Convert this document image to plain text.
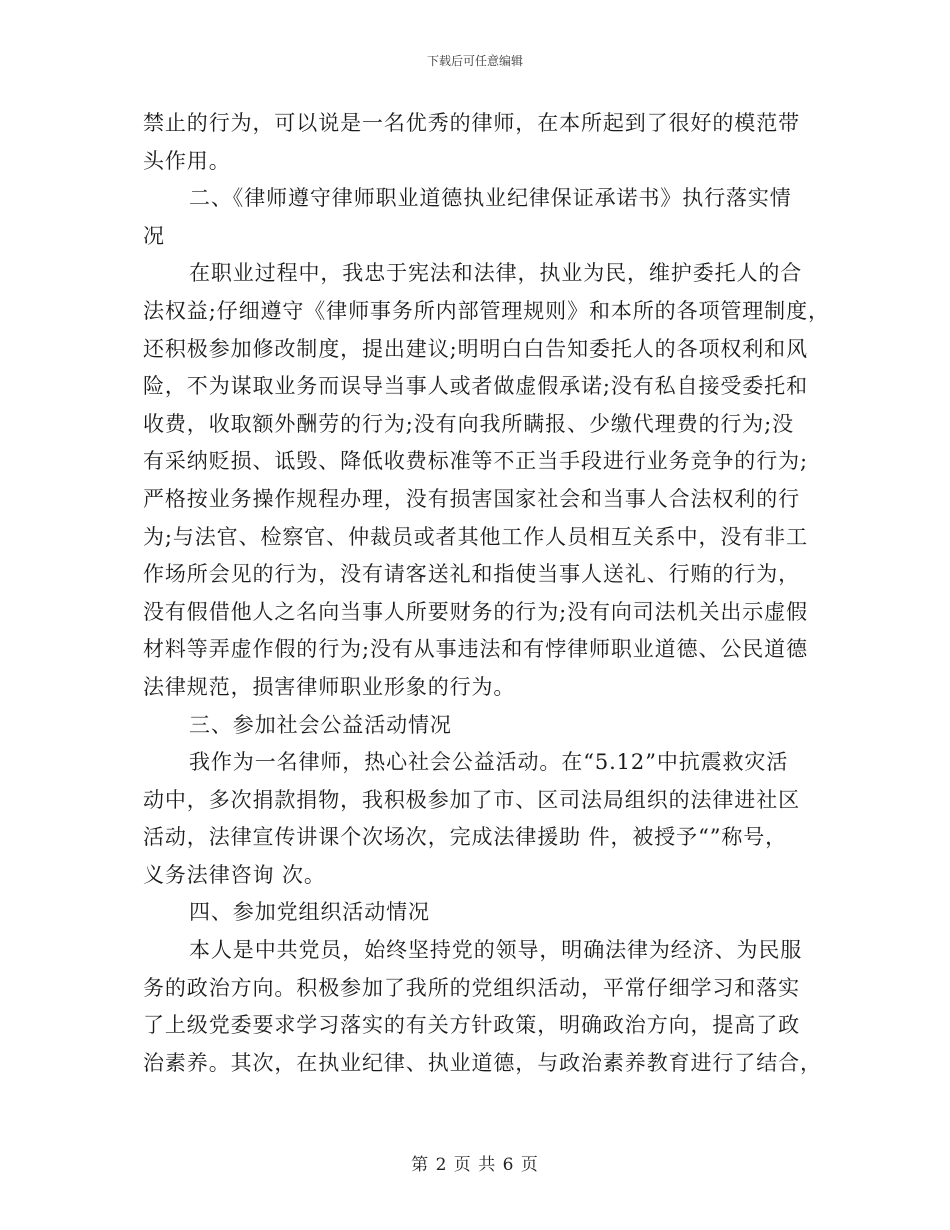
下载后可任意编辑
禁止的行为，可以说是一名优秀的律师，在本所起到了很好的模范带
头作用。
二、《律师遵守律师职业道德执业纪律保证承诺书》执行落实情
况
在职业过程中，我忠于宪法和法律，执业为民，维护委托人的合
法权益;仔细遵守《律师事务所内部管理规则》和本所的各项管理制度，
还积极参加修改制度，提出建议;明明白白告知委托人的各项权利和风
险，不为谋取业务而误导当事人或者做虚假承诺;没有私自接受委托和
收费，收取额外酬劳的行为;没有向我所瞒报、少缴代理费的行为;没
有采纳贬损、诋毁、降低收费标准等不正当手段进行业务竞争的行为;
严格按业务操作规程办理，没有损害国家社会和当事人合法权利的行
为;与法官、检察官、仲裁员或者其他工作人员相互关系中，没有非工
作场所会见的行为，没有请客送礼和指使当事人送礼、行贿的行为，
没有假借他人之名向当事人所要财务的行为;没有向司法机关出示虚假
材料等弄虚作假的行为;没有从事违法和有悖律师职业道德、公民道德
法律规范，损害律师职业形象的行为。
三、参加社会公益活动情况
我作为一名律师，热心社会公益活动。在“5.12”中抗震救灾活
动中，多次捐款捐物，我积极参加了市、区司法局组织的法律进社区
活动，法律宣传讲课个次场次，完成法律援助 件，被授予“”称号，
义务法律咨询 次。
四、参加党组织活动情况
本人是中共党员，始终坚持党的领导，明确法律为经济、为民服
务的政治方向。积极参加了我所的党组织活动，平常仔细学习和落实
了上级党委要求学习落实的有关方针政策，明确政治方向，提高了政
治素养。其次，在执业纪律、执业道德，与政治素养教育进行了结合，
第 2 页 共 6 页
